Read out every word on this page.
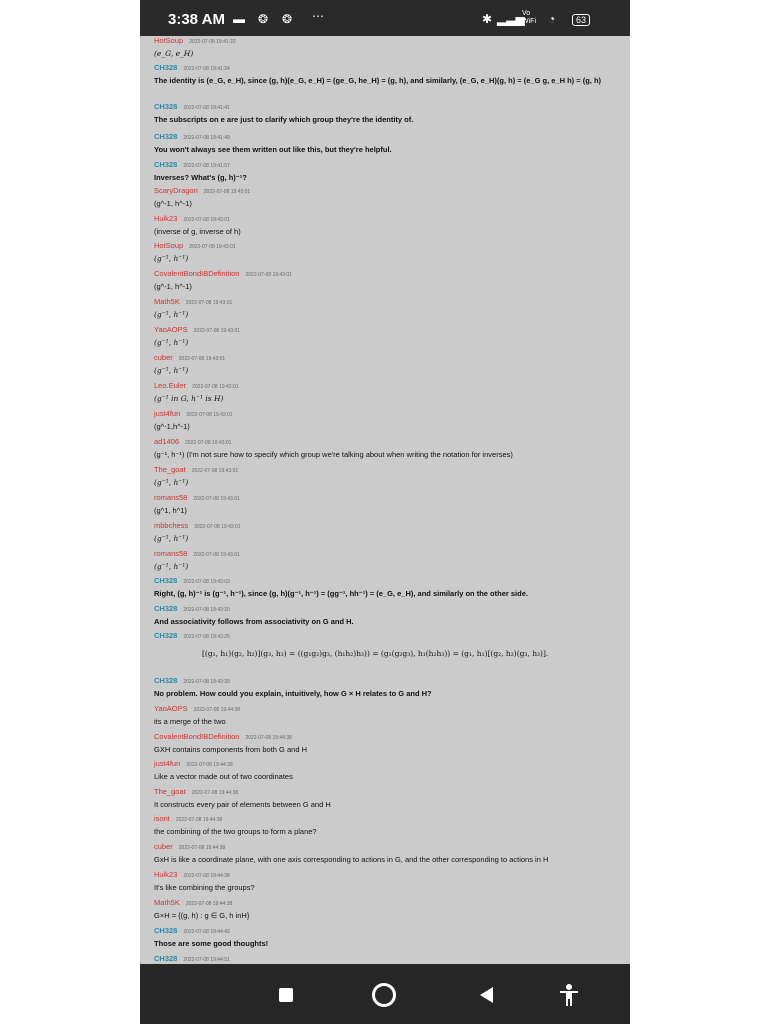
3:38 AM ▬ ❂ ❂ ⋯	✱ ▂▃▅
Vo WiFi	◔	63
HotSoup 2022-07-08 19:41:22
(e_G, e_H)
CH328 2022-07-08 19:41:24
The identity is (e_G, e_H), since (g, h)(e_G, e_H) = (ge_G, he_H) = (g, h), and similarly, (e_G, e_H)(g, h) = (e_G g, e_H h) = (g, h)
CH328 2022-07-08 19:41:41
The subscripts on e are just to clarify which group they're the identity of.
CH328 2022-07-08 19:41:49
You won't always see them written out like this, but they're helpful.
CH328 2022-07-08 19:41:57
Inverses? What's (g, h)⁻¹?
ScaryDragon 2022-07-08 19:43:01
(g^-1, h^-1)
Hulk23 2022-07-08 19:43:01
(inverse of g, inverse of h)
HotSoup 2022-07-08 19:43:01
(g⁻¹, h⁻¹)
CovalentBondIBDefinition 2022-07-08 19:43:01
(g^-1, h^-1)
Math5K 2022-07-08 19:43:01
(g⁻¹, h⁻¹)
YaoAOPS 2022-07-08 19:43:01
(g⁻¹, h⁻¹)
cuber 2022-07-08 19:43:01
(g⁻¹, h⁻¹)
Leo.Euler 2022-07-08 19:43:01
(g⁻¹ in G, h⁻¹ is H)
just4fun 2022-07-08 19:43:01
(g^-1,h^-1)
ad1406 2022-07-08 19:43:01
(g⁻¹, h⁻¹) (I'm not sure how to specify which group we're talking about when writing the notation for inverses)
The_goat 2022-07-08 19:43:01
(g⁻¹, h⁻¹)
romans58 2022-07-08 19:43:01
(g^1, h^1)
mbbchess 2022-07-08 19:43:01
(g⁻¹, h⁻¹)
romans58 2022-07-08 19:43:01
(g⁻¹, h⁻¹)
CH328 2022-07-08 19:43:03
Right, (g, h)⁻¹ is (g⁻¹, h⁻¹), since (g, h)(g⁻¹, h⁻¹) = (gg⁻¹, hh⁻¹) = (e_G, e_H), and similarly on the other side.
CH328 2022-07-08 19:43:20
And associativity follows from associativity on G and H.
CH328 2022-07-08 19:43:25
[(g₁, h₁)(g₂, h₂)](g₃, h₃) = ((g₁g₂)g₃, (h₁h₂)h₃)) = (g₁(g₂g₃), h₁(h₂h₃)) = (g₁, h₁)[(g₂, h₂)(g₃, h₃)].
CH328 2022-07-08 19:43:39
No problem. How could you explain, intuitively, how G × H relates to G and H?
YaoAOPS 2022-07-08 19:44:38
its a merge of the two
CovalentBondIBDefinition 2022-07-08 19:44:38
GXH contains components from both G and H
just4fun 2022-07-08 19:44:38
Like a vector made out of two coordinates
The_goat 2022-07-08 19:44:38
It constructs every pair of elements between G and H
isont 2022-07-08 19:44:38
the combining of the two groups to form a plane?
cuber 2022-07-08 19:44:38
GxH is like a coordinate plane, with one axis corresponding to actions in G, and the other corresponding to actions in H
Hulk23 2022-07-08 19:44:38
It's like combining the groups?
Math5K 2022-07-08 19:44:38
G×H = {(g, h) : g ∈ G, h inH}
CH328 2022-07-08 19:44:43
Those are some good thoughts!
CH328 2022-07-08 19:44:51
